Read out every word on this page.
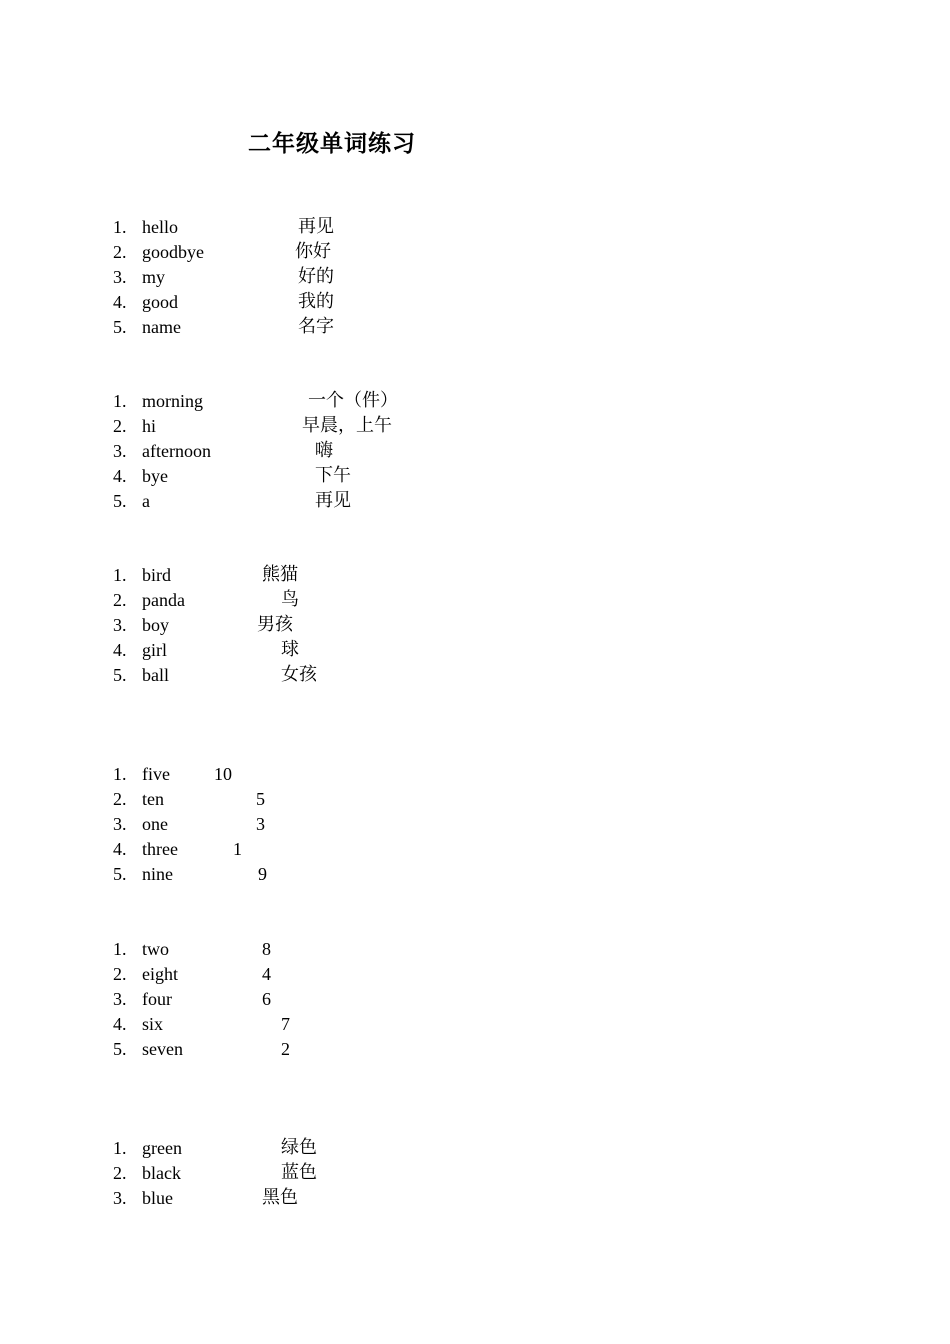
二年级单词练习
1. hello	再见
2. goodbye	你好
3. my	好的
4. good	我的
5. name	名字
1. morning	一个（件）
2. hi	早晨，上午
3. afternoon	嗨
4. bye	下午
5. a	再见
1. bird	熊猫
2. panda	鸟
3. boy	男孩
4. girl	球
5. ball	女孩
1. five 10
2. ten	5
3. one	3
4. three	1
5. nine	9
1. two	8
2. eight	4
3. four	6
4. six	7
5. seven	2
1. green	绿色
2. black	蓝色
3. blue	黑色
